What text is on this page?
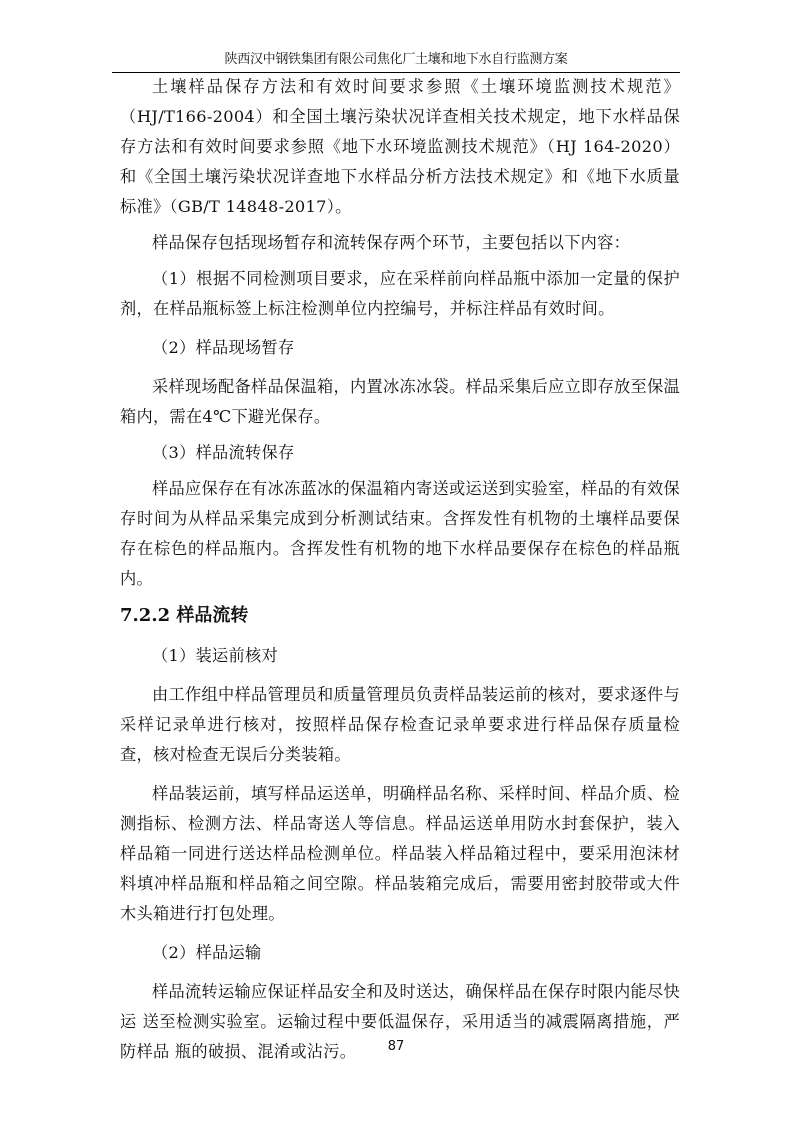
陕西汉中钢铁集团有限公司焦化厂土壤和地下水自行监测方案

土壤样品保存方法和有效时间要求参照《土壤环境监测技术规范》（HJ/T166-2004）和全国土壤污染状况详查相关技术规定，地下水样品保存方法和有效时间要求参照《地下水环境监测技术规范》（HJ 164-2020）和《全国土壤污染状况详查地下水样品分析方法技术规定》和《地下水质量标准》（GB/T 14848-2017）。

样品保存包括现场暂存和流转保存两个环节，主要包括以下内容：

（1）根据不同检测项目要求，应在采样前向样品瓶中添加一定量的保护剂，在样品瓶标签上标注检测单位内控编号，并标注样品有效时间。

（2）样品现场暂存

采样现场配备样品保温箱，内置冰冻冰袋。样品采集后应立即存放至保温箱内，需在4℃下避光保存。

（3）样品流转保存

样品应保存在有冰冻蓝冰的保温箱内寄送或运送到实验室，样品的有效保存时间为从样品采集完成到分析测试结束。含挥发性有机物的土壤样品要保存在棕色的样品瓶内。含挥发性有机物的地下水样品要保存在棕色的样品瓶内。

7.2.2 样品流转

（1）装运前核对

由工作组中样品管理员和质量管理员负责样品装运前的核对，要求逐件与采样记录单进行核对，按照样品保存检查记录单要求进行样品保存质量检查，核对检查无误后分类装箱。

样品装运前，填写样品运送单，明确样品名称、采样时间、样品介质、检测指标、检测方法、样品寄送人等信息。样品运送单用防水封套保护，装入样品箱一同进行送达样品检测单位。样品装入样品箱过程中，要采用泡沫材料填冲样品瓶和样品箱之间空隙。样品装箱完成后，需要用密封胶带或大件木头箱进行打包处理。

（2）样品运输

样品流转运输应保证样品安全和及时送达，确保样品在保存时限内能尽快运 送至检测实验室。运输过程中要低温保存，采用适当的减震隔离措施，严防样品 瓶的破损、混淆或沾污。	87
